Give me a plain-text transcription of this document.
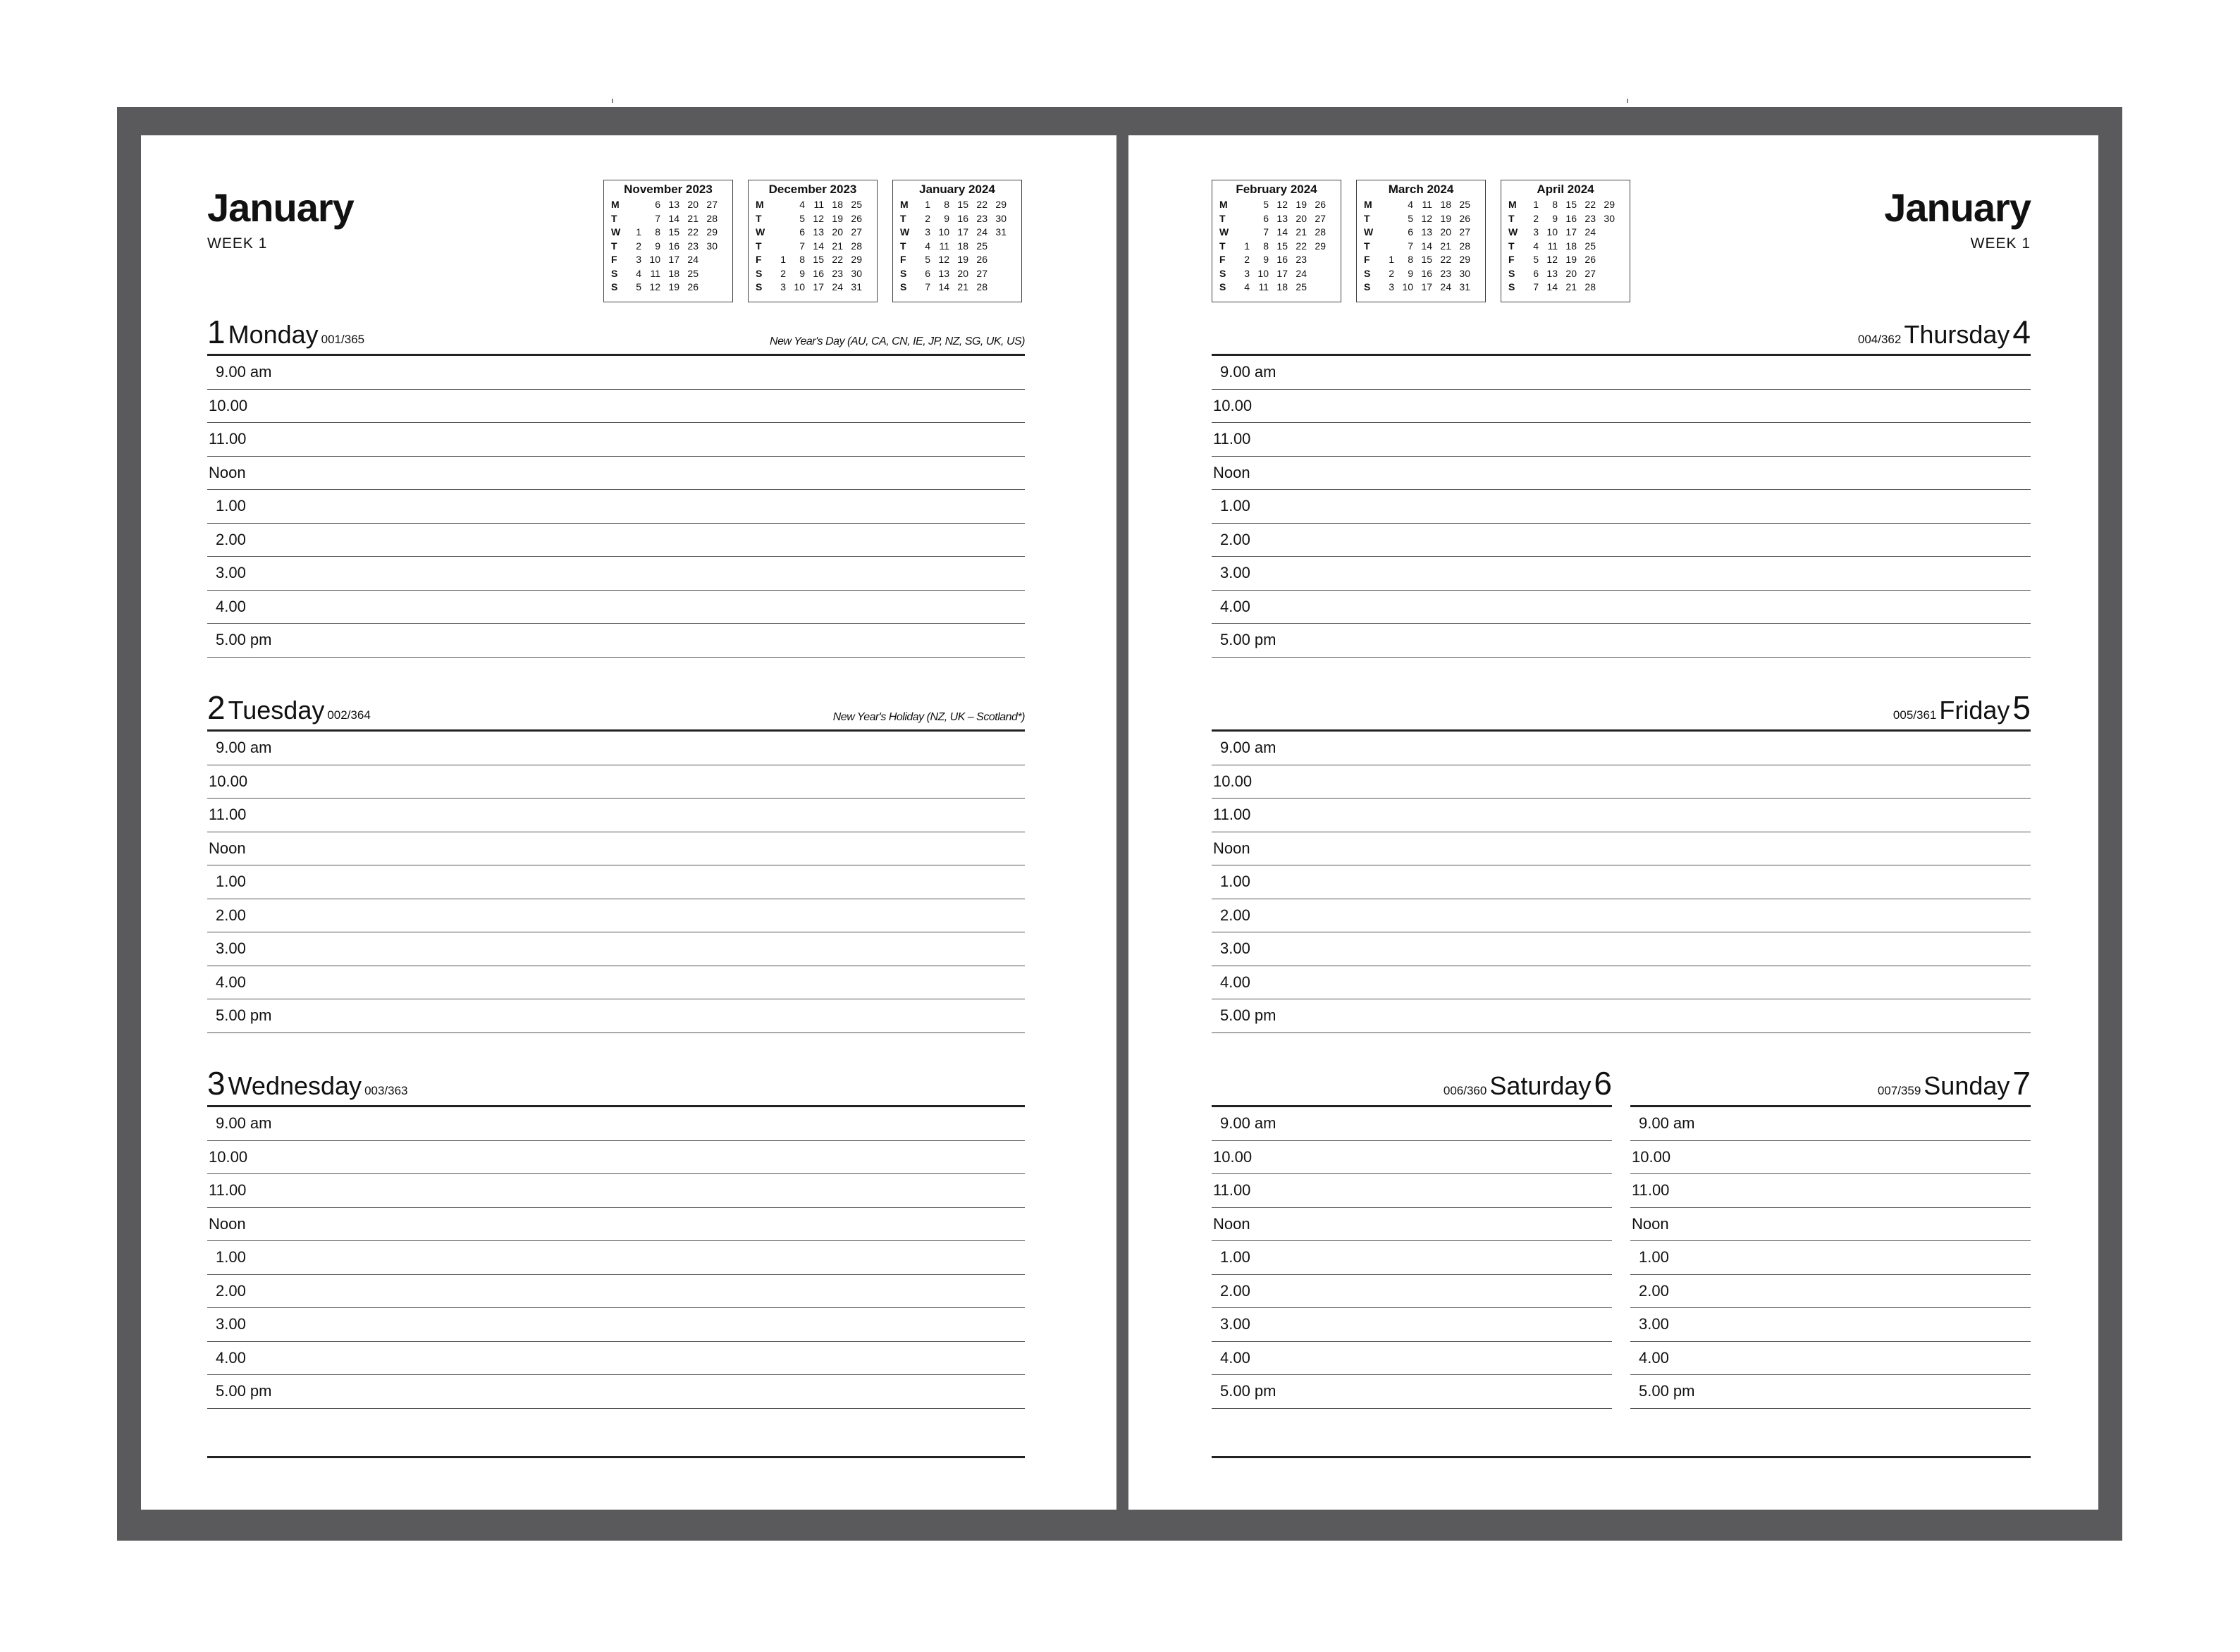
January
WEEK 1
November 2023
M		6	13	20	27
T		7	14	21	28
W	1	8	15	22	29
T	2	9	16	23	30
F	3	10	17	24	
S	4	11	18	25	
S	5	12	19	26	
December 2023
M		4	11	18	25
T		5	12	19	26
W		6	13	20	27
T		7	14	21	28
F	1	8	15	22	29
S	2	9	16	23	30
S	3	10	17	24	31
January 2024
M	1	8	15	22	29
T	2	9	16	23	30
W	3	10	17	24	31
T	4	11	18	25	
F	5	12	19	26	
S	6	13	20	27	
S	7	14	21	28	
1 Monday 001/365	New Year's Day (AU, CA, CN, IE, JP, NZ, SG, UK, US)
9.00 am
10.00
11.00
Noon
1.00
2.00
3.00
4.00
5.00 pm
2 Tuesday 002/364	New Year's Holiday (NZ, UK – Scotland*)
9.00 am
10.00
11.00
Noon
1.00
2.00
3.00
4.00
5.00 pm
3 Wednesday 003/363
9.00 am
10.00
11.00
Noon
1.00
2.00
3.00
4.00
5.00 pm
January
WEEK 1
February 2024
M		5	12	19	26
T		6	13	20	27
W		7	14	21	28
T	1	8	15	22	29
F	2	9	16	23	
S	3	10	17	24	
S	4	11	18	25	
March 2024
M		4	11	18	25
T		5	12	19	26
W		6	13	20	27
T		7	14	21	28
F	1	8	15	22	29
S	2	9	16	23	30
S	3	10	17	24	31
April 2024
M	1	8	15	22	29
T	2	9	16	23	30
W	3	10	17	24	
T	4	11	18	25	
F	5	12	19	26	
S	6	13	20	27	
S	7	14	21	28	
004/362 Thursday4
9.00 am
10.00
11.00
Noon
1.00
2.00
3.00
4.00
5.00 pm
005/361 Friday5
9.00 am
10.00
11.00
Noon
1.00
2.00
3.00
4.00
5.00 pm
006/360 Saturday6
9.00 am
10.00
11.00
Noon
1.00
2.00
3.00
4.00
5.00 pm
007/359 Sunday7
9.00 am
10.00
11.00
Noon
1.00
2.00
3.00
4.00
5.00 pm
